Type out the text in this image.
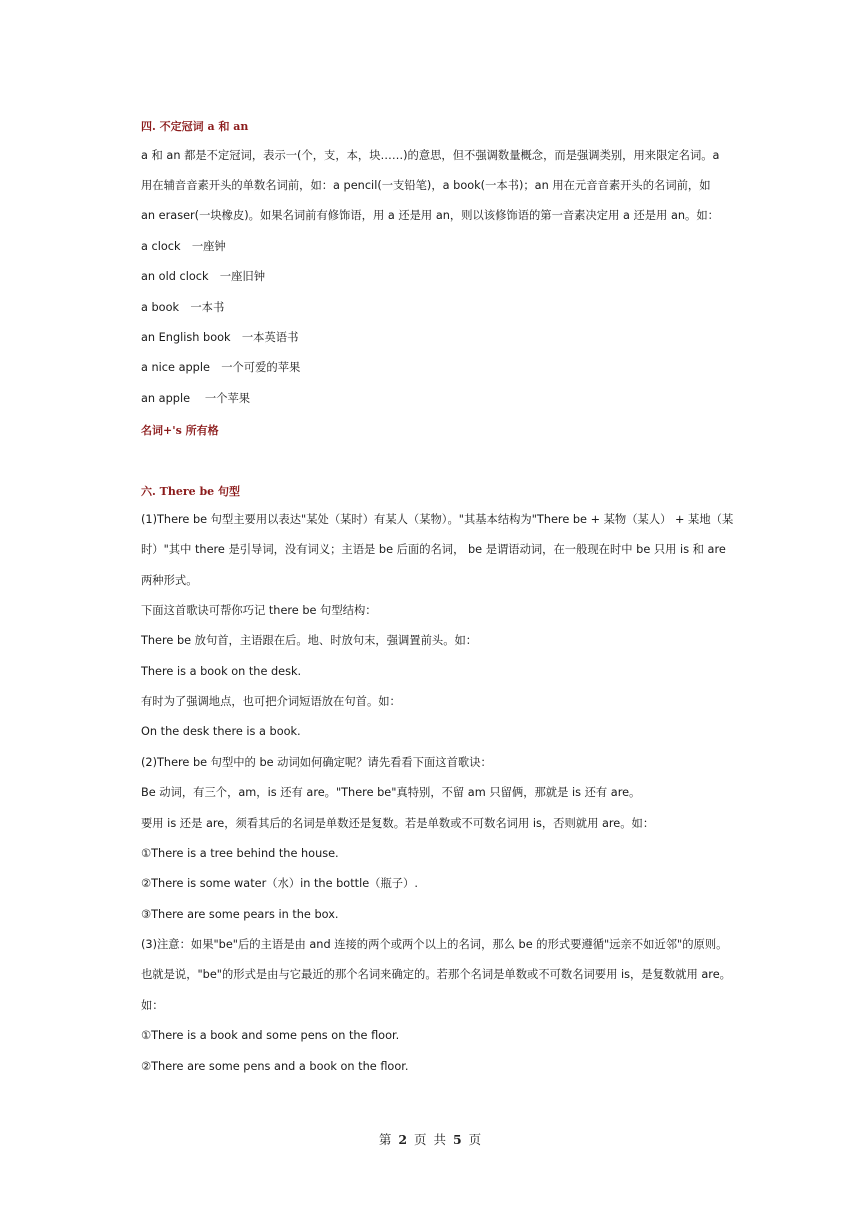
四. 不定冠词 a 和 an
a 和 an 都是不定冠词，表示一(个，支，本，块……)的意思，但不强调数量概念，而是强调类别，用来限定名词。a
用在辅音音素开头的单数名词前，如：a pencil(一支铅笔)，a book(一本书)；an 用在元音音素开头的名词前，如
an eraser(一块橡皮)。如果名词前有修饰语，用 a 还是用 an，则以该修饰语的第一音素决定用 a 还是用 an。如：
a clock　一座钟
an old clock　一座旧钟
a book　一本书
an English book　一本英语书
a nice apple　一个可爱的苹果
an apple　 一个苹果
名词+'s 所有格
六. There be 句型
(1)There be 句型主要用以表达"某处（某时）有某人（某物）。"其基本结构为"There be + 某物（某人） + 某地（某
时）"其中 there 是引导词，没有词义；主语是 be 后面的名词， be 是谓语动词，在一般现在时中 be 只用 is 和 are
两种形式。
下面这首歌诀可帮你巧记 there be 句型结构：
There be 放句首，主语跟在后。地、时放句末，强调置前头。如：
There is a book on the desk.
有时为了强调地点，也可把介词短语放在句首。如：
On the desk there is a book.
(2)There be 句型中的 be 动词如何确定呢？请先看看下面这首歌诀：
Be 动词，有三个，am，is 还有 are。"There be"真特别，不留 am 只留俩，那就是 is 还有 are。
要用 is 还是 are，须看其后的名词是单数还是复数。若是单数或不可数名词用 is，否则就用 are。如：
①There is a tree behind the house.
②There is some water（水）in the bottle（瓶子）.
③There are some pears in the box.
(3)注意：如果"be"后的主语是由 and 连接的两个或两个以上的名词，那么 be 的形式要遵循"远亲不如近邻"的原则。
也就是说，"be"的形式是由与它最近的那个名词来确定的。若那个名词是单数或不可数名词要用 is，是复数就用 are。
如：
①There is a book and some pens on the floor.
②There are some pens and a book on the floor.
第 2 页 共 5 页
